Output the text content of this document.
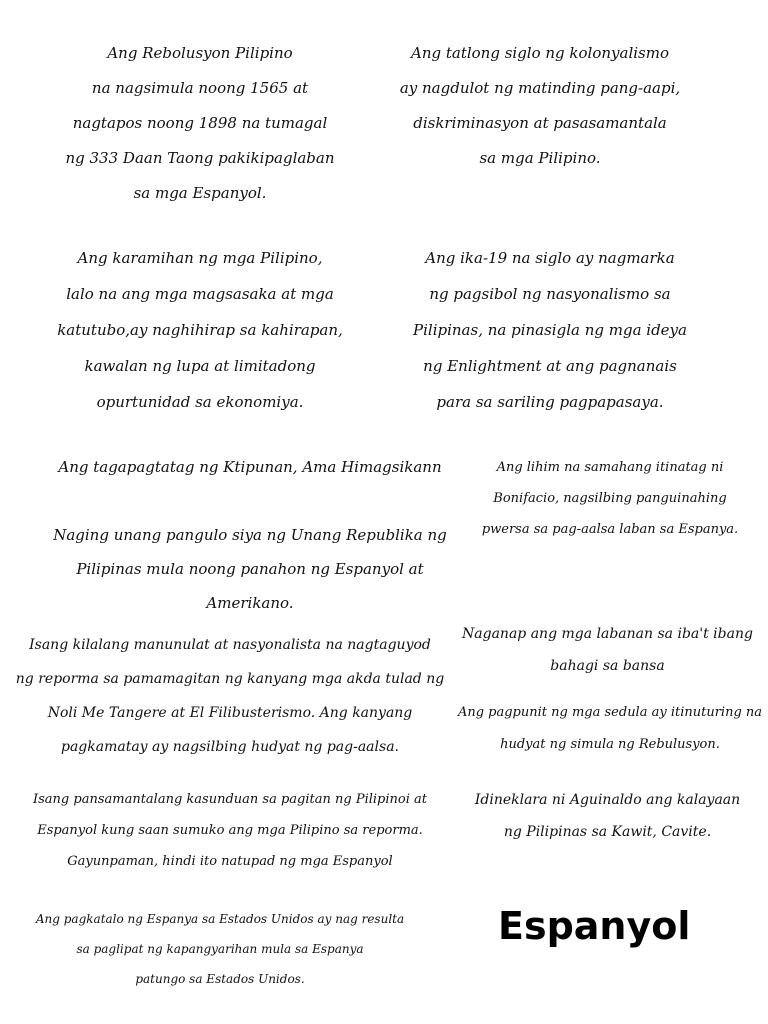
Ang Rebolusyon Pilipino
na nagsimula noong 1565 at
nagtapos noong 1898 na tumagal
ng 333 Daan Taong pakikipaglaban
sa mga Espanyol.
Ang tatlong siglo ng kolonyalismo
ay nagdulot ng matinding pang-aapi,
diskriminasyon at pasasamantala
sa mga Pilipino.
Ang karamihan ng mga Pilipino,
lalo na ang mga magsasaka at mga
katutubo,ay naghihirap sa kahirapan,
kawalan ng lupa at limitadong
opurtunidad sa ekonomiya.
Ang ika-19 na siglo ay nagmarka
ng pagsibol ng nasyonalismo sa
Pilipinas, na pinasigla ng mga ideya
ng Enlightment at ang pagnanais
para sa sariling pagpapasaya.
Ang tagapagtatag ng Ktipunan, Ama Himagsikann	Ang lihim na samahang itinatag ni
Bonifacio, nagsilbing panguinahing
pwersa sa pag-aalsa laban sa Espanya.
Naging unang pangulo siya ng Unang Republika ng
Pilipinas mula noong panahon ng Espanyol at
Amerikano.
Isang kilalang manunulat at nasyonalista na nagtaguyod
ng reporma sa pamamagitan ng kanyang mga akda tulad ng
Noli Me Tangere at El Filibusterismo. Ang kanyang
pagkamatay ay nagsilbing hudyat ng pag-aalsa.
Naganap ang mga labanan sa iba't ibang
bahagi sa bansa
Ang pagpunit ng mga sedula ay itinuturing na
hudyat ng simula ng Rebulusyon.
Isang pansamantalang kasunduan sa pagitan ng Pilipinoi at
Espanyol kung saan sumuko ang mga Pilipino sa reporma.
Gayunpaman, hindi ito natupad ng mga Espanyol
Idineklara ni Aguinaldo ang kalayaan
ng Pilipinas sa Kawit, Cavite.
Ang pagkatalo ng Espanya sa Estados Unidos ay nag resulta
sa paglipat ng kapangyarihan mula sa Espanya
patungo sa Estados Unidos.
Espanyol
